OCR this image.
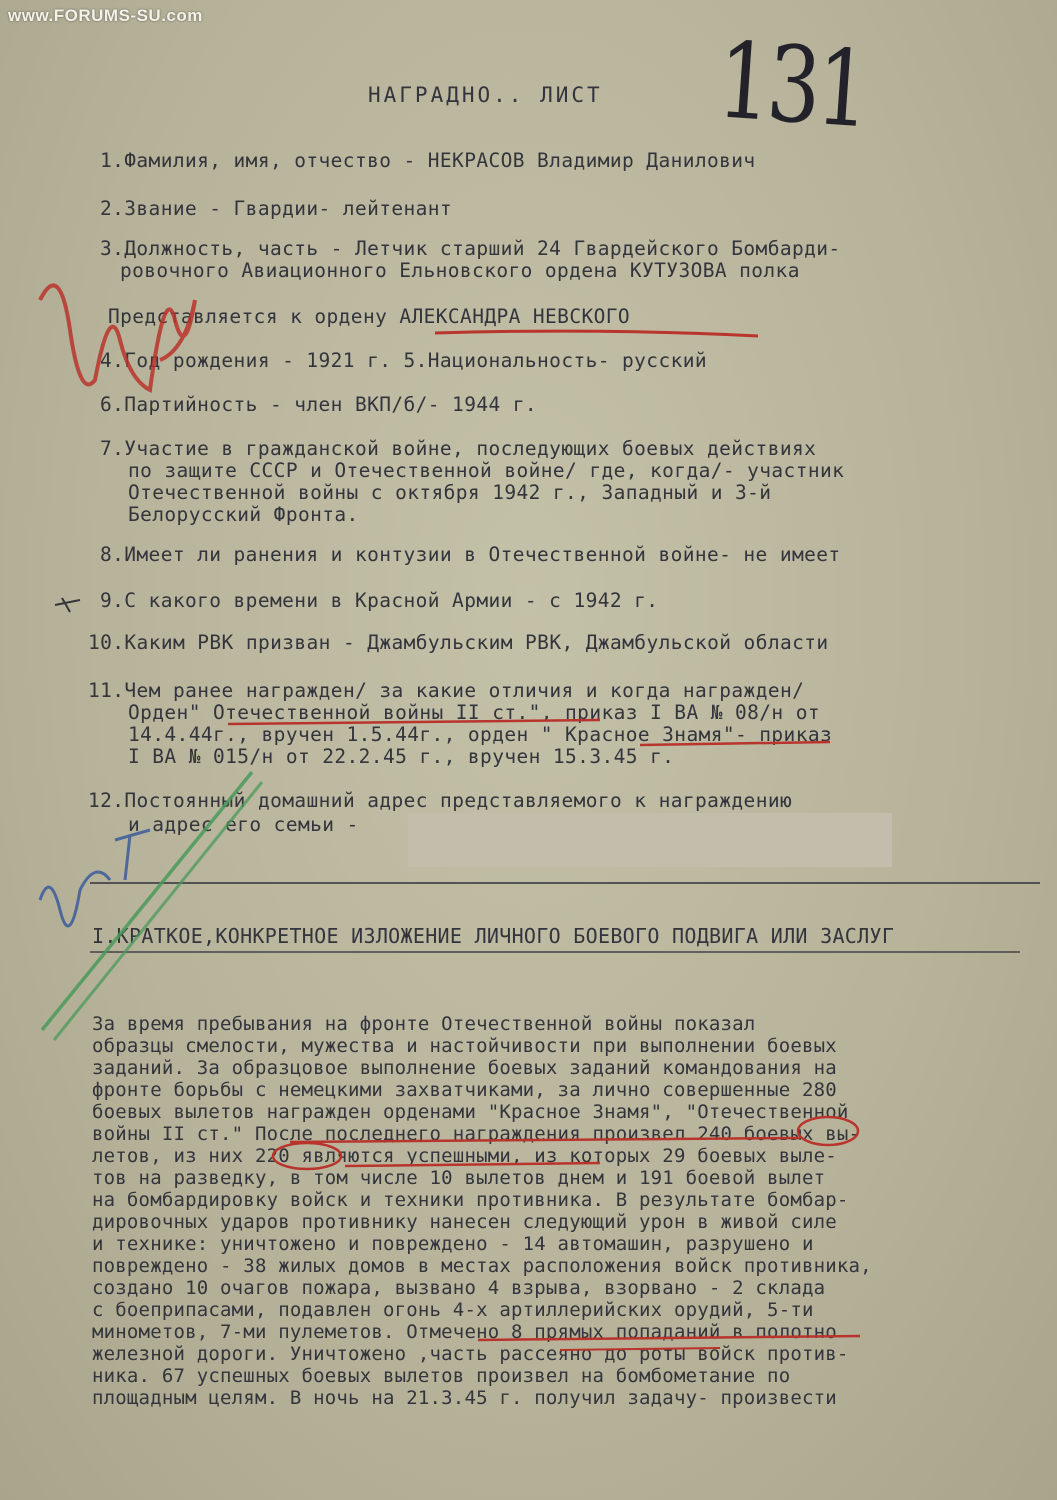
www.FORUMS-SU.com
НАГРАДНО.. ЛИСТ 131
1.Фамилия, имя, отчество - НЕКРАСОВ Владимир Данилович
2.Звание - Гвардии- лейтенант
3.Должность, часть - Летчик старший 24 Гвардейского Бомбарди-
ровочного Авиационного Ельновского ордена КУТУЗОВА полка
Представляется к ордену АЛЕКСАНДРА НЕВСКОГО
4.Год рождения - 1921 г. 5.Национальность- русский
6.Партийность - член ВКП/б/- 1944 г.
7.Участие в гражданской войне, последующих боевых действиях
по защите СССР и Отечественной войне/ где, когда/- участник
Отечественной войны с октября 1942 г., Западный и 3-й
Белорусский Фронта.
8.Имеет ли ранения и контузии в Отечественной войне- не имеет
9.С какого времени в Красной Армии - с 1942 г.
10.Каким РВК призван - Джамбульским РВК, Джамбульской области
11.Чем ранее награжден/ за какие отличия и когда награжден/
Орден" Отечественной войны II ст.", приказ I ВА № 08/н от
14.4.44г., вручен 1.5.44г., орден " Красное Знамя"- приказ
I ВА № 015/н от 22.2.45 г., вручен 15.3.45 г.
12.Постоянный домашний адрес представляемого к награждению
и адрес его семьи -
I.КРАТКОЕ,КОНКРЕТНОЕ ИЗЛОЖЕНИЕ ЛИЧНОГО БОЕВОГО ПОДВИГА ИЛИ ЗАСЛУГ
За время пребывания на фронте Отечественной войны показал
образцы смелости, мужества и настойчивости при выполнении боевых
заданий. За образцовое выполнение боевых заданий командования на
фронте борьбы с немецкими захватчиками, за лично совершенные 280
боевых вылетов награжден орденами "Красное Знамя", "Отечественной
войны II ст." После последнего награждения произвел 240 боевых вы-
летов, из них 220 являются успешными, из которых 29 боевых выле-
тов на разведку, в том числе 10 вылетов днем и 191 боевой вылет
на бомбардировку войск и техники противника. В результате бомбар-
дировочных ударов противнику нанесен следующий урон в живой силе
и технике: уничтожено и повреждено - 14 автомашин, разрушено и
повреждено - 38 жилых домов в местах расположения войск противника,
создано 10 очагов пожара, вызвано 4 взрыва, взорвано - 2 склада
с боеприпасами, подавлен огонь 4-х артиллерийских орудий, 5-ти
минометов, 7-ми пулеметов. Отмечено 8 прямых попаданий в полотно
железной дороги. Уничтожено ,часть рассеяно до роты войск против-
ника. 67 успешных боевых вылетов произвел на бомбометание по
площадным целям. В ночь на 21.3.45 г. получил задачу- произвести
